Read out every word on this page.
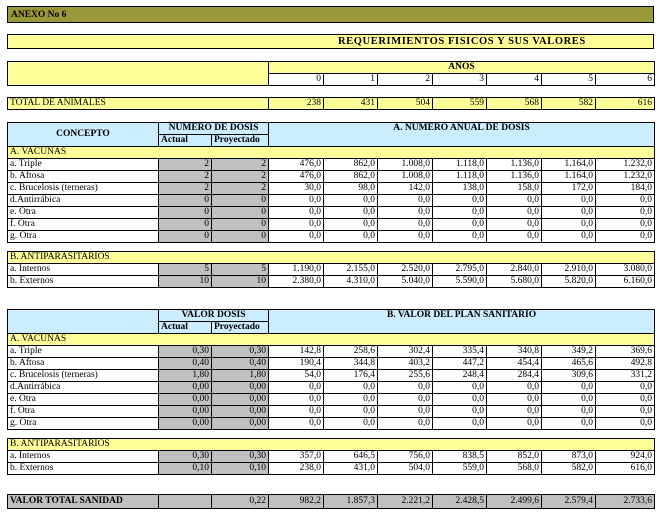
ANEXO No 6
REQUERIMIENTOS FISICOS Y SUS VALORES
	AÑOS						
	0	1	2	3	4	5	6
TOTAL DE ANIMALES	238	431	504	559	568	582	616
CONCEPTO	NUMERO DE DOSIS		A. NUMERO ANUAL DE DOSIS						
	Actual	Proyectado							
A. VACUNAS									
a. Triple	2	2	476,0	862,0	1.008,0	1.118,0	1.136,0	1.164,0	1.232,0
b. Aftosa	2	2	476,0	862,0	1.008,0	1.118,0	1.136,0	1.164,0	1.232,0
c. Brucelosis (terneras)	2	2	30,0	98,0	142,0	138,0	158,0	172,0	184,0
d.Antirrábica	0	0	0,0	0,0	0,0	0,0	0,0	0,0	0,0
e. Otra	0	0	0,0	0,0	0,0	0,0	0,0	0,0	0,0
f. Otra	0	0	0,0	0,0	0,0	0,0	0,0	0,0	0,0
g. Otra	0	0	0,0	0,0	0,0	0,0	0,0	0,0	0,0

B. ANTIPARASITARIOS									
a. Internos	5	5	1.190,0	2.155,0	2.520,0	2.795,0	2.840,0	2.910,0	3.080,0
b. Externos	10	10	2.380,0	4.310,0	5.040,0	5.590,0	5.680,0	5.820,0	6.160,0
	VALOR DOSIS		B. VALOR DEL PLAN SANITARIO						
	Actual	Proyectado							
A. VACUNAS									
a. Triple	0,30	0,30	142,8	258,6	302,4	335,4	340,8	349,2	369,6
b. Aftosa	0,40	0,40	190,4	344,8	403,2	447,2	454,4	465,6	492,8
c. Brucelosis (terneras)	1,80	1,80	54,0	176,4	255,6	248,4	284,4	309,6	331,2
d.Antirrábica	0,00	0,00	0,0	0,0	0,0	0,0	0,0	0,0	0,0
e. Otra	0,00	0,00	0,0	0,0	0,0	0,0	0,0	0,0	0,0
f. Otra	0,00	0,00	0,0	0,0	0,0	0,0	0,0	0,0	0,0
g. Otra	0,00	0,00	0,0	0,0	0,0	0,0	0,0	0,0	0,0

B. ANTIPARASITARIOS									
a. Internos	0,30	0,30	357,0	646,5	756,0	838,5	852,0	873,0	924,0
b. Externos	0,10	0,10	238,0	431,0	504,0	559,0	568,0	582,0	616,0
VALOR TOTAL SANIDAD		0,22	982,2	1.857,3	2.221,2	2.428,5	2.499,6	2.579,4	2.733,6
